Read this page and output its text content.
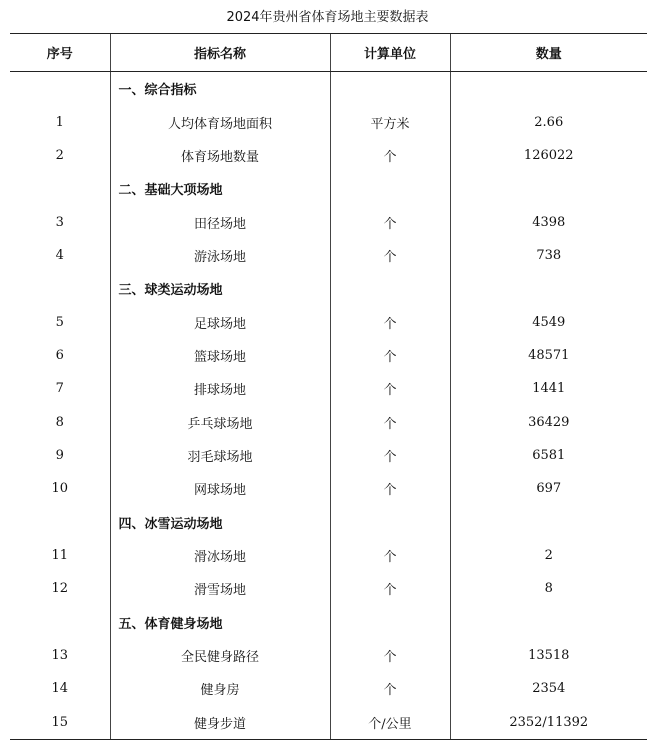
2024年贵州省体育场地主要数据表
序号	指标名称	计算单位	数量
	一、综合指标		
1	人均体育场地面积	平方米	2.66
2	体育场地数量	个	126022
	二、基础大项场地		
3	田径场地	个	4398
4	游泳场地	个	738
	三、球类运动场地		
5	足球场地	个	4549
6	篮球场地	个	48571
7	排球场地	个	1441
8	乒乓球场地	个	36429
9	羽毛球场地	个	6581
10	网球场地	个	697
	四、冰雪运动场地		
11	滑冰场地	个	2
12	滑雪场地	个	8
	五、体育健身场地		
13	全民健身路径	个	13518
14	健身房	个	2354
15	健身步道	个/公里	2352/11392
